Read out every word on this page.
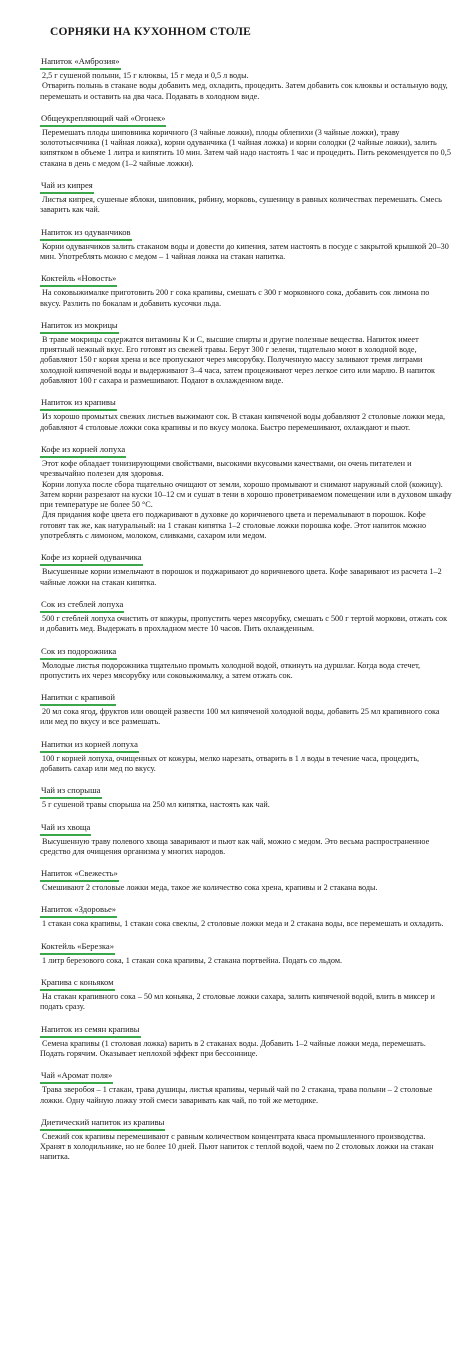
СОРНЯКИ НА КУХОННОМ СТОЛЕ
Напиток «Амброзия»

2,5 г сушеной полыни, 15 г клюквы, 15 г меда и 0,5 л воды.

Отварить полынь в стакане воды добавить мед, охладить, процедить. Затем добавить сок клюквы и остальную воду, перемешать и оставить на два часа. Подавать в холодном виде.

Общеукрепляющий чай «Огонек»

Перемешать плоды шиповника коричного (3 чайные ложки), плоды облепихи (3 чайные ложки), траву золототысячника (1 чайная ложка), корни одуванчика (1 чайная ложка) и корни солодки (2 чайные ложки), залить кипятком в объеме 1 литра и кипятить 10 мин. Затем чай надо настоять 1 час и процедить. Пить рекомендуется по 0,5 стакана в день с медом (1–2 чайные ложки).

Чай из кипрея

Листья кипрея, сушеные яблоки, шиповник, рябину, морковь, сушеницу в равных количествах перемешать. Смесь заварить как чай.

Напиток из одуванчиков

Корни одуванчиков залить стаканом воды и довести до кипения, затем настоять в посуде с закрытой крышкой 20–30 мин. Употреблять можно с медом – 1 чайная ложка на стакан напитка.

Коктейль «Новость»

На соковыжималке приготовить 200 г сока крапивы, смешать с 300 г морковного сока, добавить сок лимона по вкусу. Разлить по бокалам и добавить кусочки льда.

Напиток из мокрицы

В траве мокрицы содержатся витамины К и С, высшие спирты и другие полезные вещества. Напиток имеет приятный нежный вкус. Его готовят из свежей травы. Берут 300 г зелени, тщательно моют в холодной воде, добавляют 150 г корня хрена и все пропускают через мясорубку. Полученную массу заливают тремя литрами холодной кипяченой воды и выдерживают 3–4 часа, затем процеживают через легкое сито или марлю. В напиток добавляют 100 г сахара и размешивают. Подают в охлажденном виде.

Напиток из крапивы

Из хорошо промытых свежих листьев выжимают сок. В стакан кипяченой воды добавляют 2 столовые ложки меда, добавляют 4 столовые ложки сока крапивы и по вкусу молока. Быстро перемешивают, охлаждают и пьют.

Кофе из корней лопуха

Этот кофе обладает тонизирующими свойствами, высокими вкусовыми качествами, он очень питателен и чрезвычайно полезен для здоровья.

Корни лопуха после сбора тщательно очищают от земли, хорошо промывают и снимают наружный слой (кожицу). Затем корни разрезают на куски 10–12 см и сушат в тени в хорошо проветриваемом помещении или в духовом шкафу при температуре не более 50 °С.

Для придания кофе цвета его поджаривают в духовке до коричневого цвета и перемалывают в порошок. Кофе готовят так же, как натуральный: на 1 стакан кипятка 1–2 столовые ложки порошка кофе. Этот напиток можно употреблять с лимоном, молоком, сливками, сахаром или медом.

Кофе из корней одуванчика

Высушенные корни измельчают в порошок и поджаривают до коричневого цвета. Кофе заваривают из расчета 1–2 чайные ложки на стакан кипятка.

Сок из стеблей лопуха

500 г стеблей лопуха очистить от кожуры, пропустить через мясорубку, смешать с 500 г тертой моркови, отжать сок и добавить мед. Выдержать в прохладном месте 10 часов. Пить охлажденным.

Сок из подорожника

Молодые листья подорожника тщательно промыть холодной водой, откинуть на дуршлаг. Когда вода стечет, пропустить их через мясорубку или соковыжималку, а затем отжать сок.

Напитки с крапивой

20 мл сока ягод, фруктов или овощей развести 100 мл кипяченой холодной воды, добавить 25 мл крапивного сока или мед по вкусу и все размешать.

Напитки из корней лопуха

100 г корней лопуха, очищенных от кожуры, мелко нарезать, отварить в 1 л воды в течение часа, процедить, добавить сахар или мед по вкусу.

Чай из спорыша

5 г сушеной травы спорыша на 250 мл кипятка, настоять как чай.

Чай из хвоща

Высушенную траву полевого хвоща заваривают и пьют как чай, можно с медом. Это весьма распространенное средство для очищения организма у многих народов.

Напиток «Свежесть»

Смешивают 2 столовые ложки меда, такое же количество сока хрена, крапивы и 2 стакана воды.

Напиток «Здоровье»

1 стакан сока крапивы, 1 стакан сока свеклы, 2 столовые ложки меда и 2 стакана воды, все перемешать и охладить.

Коктейль «Березка»

1 литр березового сока, 1 стакан сока крапивы, 2 стакана портвейна. Подать со льдом.

Крапива с коньяком

На стакан крапивного сока – 50 мл коньяка, 2 столовые ложки сахара, залить кипяченой водой, влить в миксер и подать сразу.

Напиток из семян крапивы

Семена крапивы (1 столовая ложка) варить в 2 стаканах воды. Добавить 1–2 чайные ложки меда, перемешать. Подать горячим. Оказывает неплохой эффект при бессоннице.

Чай «Аромат поля»

Трава зверобоя – 1 стакан, трава душицы, листья крапивы, черный чай по 2 стакана, трава полыни – 2 столовые ложки. Одну чайную ложку этой смеси заваривать как чай, по той же методике.

Диетический напиток из крапивы

Свежий сок крапивы перемешивают с равным количеством концентрата кваса промышленного производства. Хранят в холодильнике, но не более 10 дней. Пьют напиток с теплой водой, чаем по 2 столовых ложки на стакан напитка.
